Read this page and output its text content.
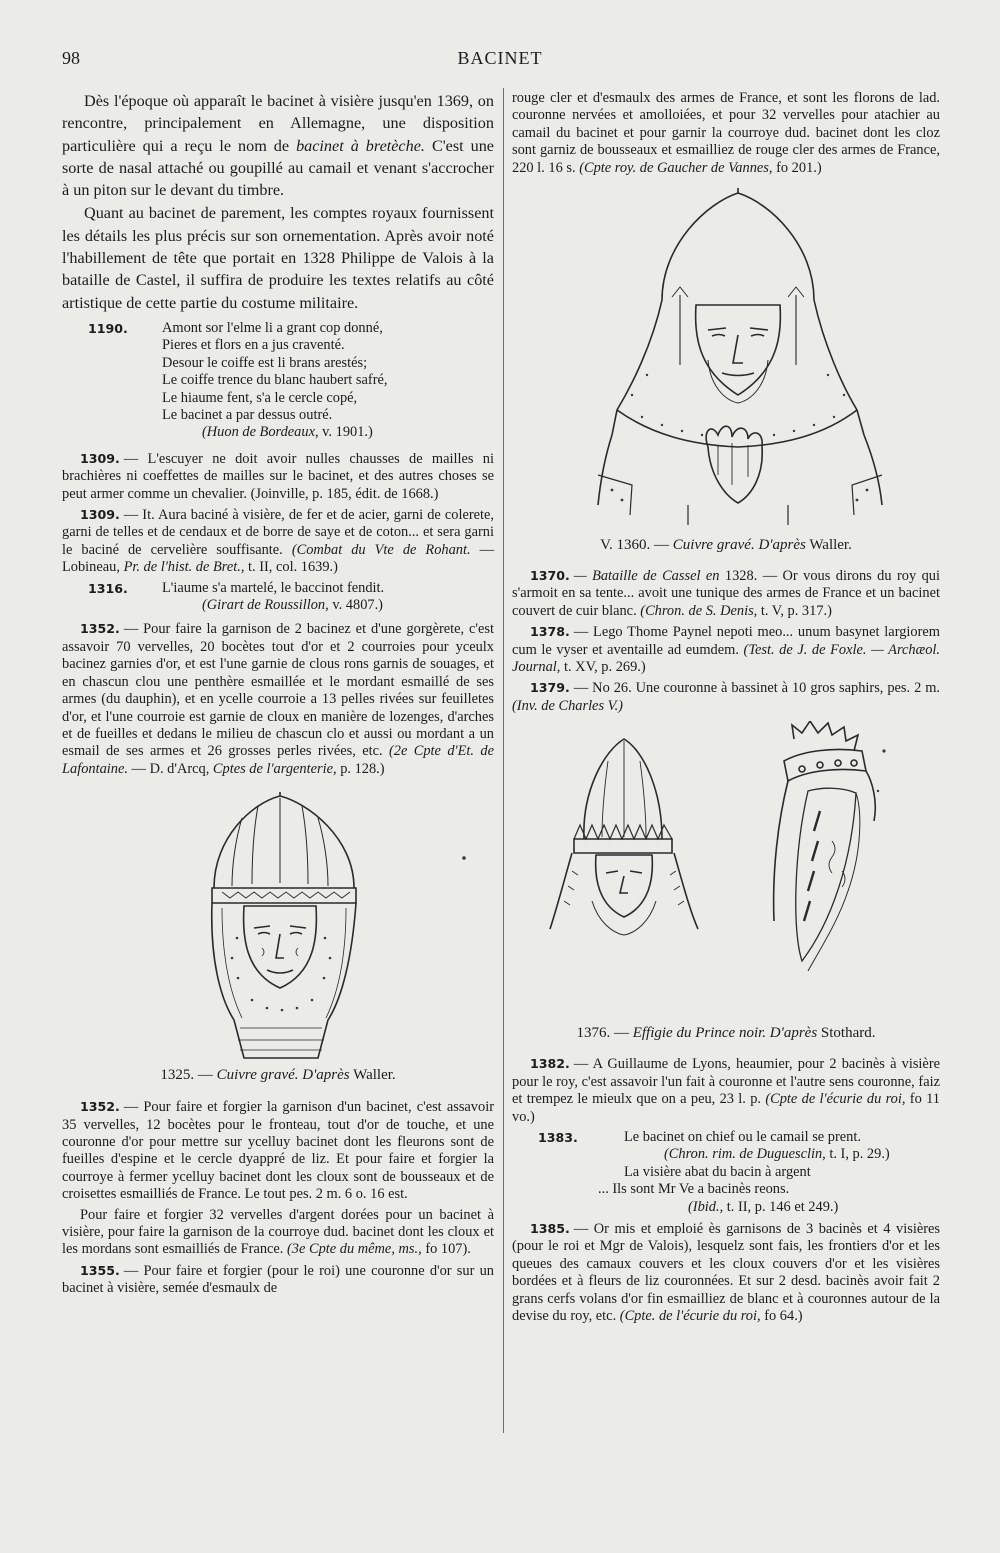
98	BACINET

Dès l'époque où apparaît le bacinet à visière jusqu'en 1369, on rencontre, principalement en Allemagne, une disposition particulière qui a reçu le nom de bacinet à bretèche. C'est une sorte de nasal attaché ou goupillé au camail et venant s'accrocher à un piton sur le devant du timbre.

Quant au bacinet de parement, les comptes royaux fournissent les détails les plus précis sur son ornementation. Après avoir noté l'habillement de tête que portait en 1328 Philippe de Valois à la bataille de Castel, il suffira de produire les textes relatifs au côté artistique de cette partie du costume militaire.

1190. Amont sor l'elme li a grant cop donné,
Pieres et flors en a jus craventé.
Desour le coiffe est li brans arestés;
Le coiffe trence du blanc haubert safré,
Le hiaume fent, s'a le cercle copé,
Le bacinet a par dessus outré.
(Huon de Bordeaux, v. 1901.)

1309. — L'escuyer ne doit avoir nulles chausses de mailles ni brachières ni coeffettes de mailles sur le bacinet, et des autres choses se peut armer comme un chevalier. (Joinville, p. 185, édit. de 1668.)

1309. — It. Aura baciné à visière, de fer et de acier, garni de colerete, garni de telles et de cendaux et de borre de saye et de coton... et sera garni le baciné de cervelière souffisante. (Combat du Vte de Rohant. — Lobineau, Pr. de l'hist. de Bret., t. II, col. 1639.)

1316. L'iaume s'a martelé, le baccinot fendit.
(Girart de Roussillon, v. 4807.)

1352. — Pour faire la garnison de 2 bacinez et d'une gorgèrete, c'est assavoir 70 vervelles, 20 bocètes tout d'or et 2 courroies pour yceulx bacinez garnies d'or, et est l'une garnie de clous rons garnis de souages, et en chascun clou une penthère esmaillée et le mordant esmaillé de ses armes (du dauphin), et en ycelle courroie a 13 pelles rivées sur feuilletes d'or, et l'une courroie est garnie de cloux en manière de lozenges, d'arches et de fueilles et dedans le milieu de chascun clo et aussi ou mordant a un esmail de ses armes et 26 grosses perles rivées, etc. (2e Cpte d'Et. de Lafontaine. — D. d'Arcq, Cptes de l'argenterie, p. 128.)

1325. — Cuivre gravé. D'après Waller.

1352. — Pour faire et forgier la garnison d'un bacinet, c'est assavoir 35 vervelles, 12 bocètes pour le fronteau, tout d'or de touche, et une couronne d'or pour mettre sur ycelluy bacinet dont les fleurons sont de fueilles d'espine et le cercle dyappré de liz. Et pour faire et forgier la courroye à fermer ycelluy bacinet dont les cloux sont de bousseaux et de croisettes esmailliés de France. Le tout pes. 2 m. 6 o. 16 est.

Pour faire et forgier 32 vervelles d'argent dorées pour un bacinet à visière, pour faire la garnison de la courroye dud. bacinet dont les cloux et les mordans sont esmailliés de France. (3e Cpte du même, ms., fo 107).

1355. — Pour faire et forgier (pour le roi) une couronne d'or sur un bacinet à visière, semée d'esmaulx de

rouge cler et d'esmaulx des armes de France, et sont les florons de lad. couronne nervées et amolloiées, et pour 32 vervelles pour atachier au camail du bacinet et pour garnir la courroye dud. bacinet dont les cloz sont garniz de bousseaux et esmailliez de rouge cler des armes de France, 220 l. 16 s. (Cpte roy. de Gaucher de Vannes, fo 201.)

V. 1360. — Cuivre gravé. D'après Waller.

1370. — Bataille de Cassel en 1328. — Or vous dirons du roy qui s'armoit en sa tente... avoit une tunique des armes de France et un bacinet couvert de cuir blanc. (Chron. de S. Denis, t. V, p. 317.)

1378. — Lego Thome Paynel nepoti meo... unum basynet largiorem cum le vyser et aventaille ad eumdem. (Test. de J. de Foxle. — Archæol. Journal, t. XV, p. 269.)

1379. — No 26. Une couronne à bassinet à 10 gros saphirs, pes. 2 m. (Inv. de Charles V.)

1376. — Effigie du Prince noir. D'après Stothard.

1382. — A Guillaume de Lyons, heaumier, pour 2 bacinès à visière pour le roy, c'est assavoir l'un fait à couronne et l'autre sens couronne, faiz et trempez le mieulx que on a peu, 23 l. p. (Cpte de l'écurie du roi, fo 11 vo.)

1383.	Le bacinet on chief ou le camail se prent.
(Chron. rim. de Duguesclin, t. I, p. 29.)
La visière abat du bacin à argent
... Ils sont Mr Ve a bacinès reons.
(Ibid., t. II, p. 146 et 249.)

1385. — Or mis et emploié ès garnisons de 3 bacinès et 4 visières (pour le roi et Mgr de Valois), lesquelz sont fais, les frontiers d'or et les queues des camaux couvers et les cloux couvers d'or et les visières bordées et à fleurs de liz couronnées. Et sur 2 desd. bacinès avoir fait 2 grans cerfs volans d'or fin esmailliez de blanc et à couronnes autour de la devise du roy, etc. (Cpte. de l'écurie du roi, fo 64.)
